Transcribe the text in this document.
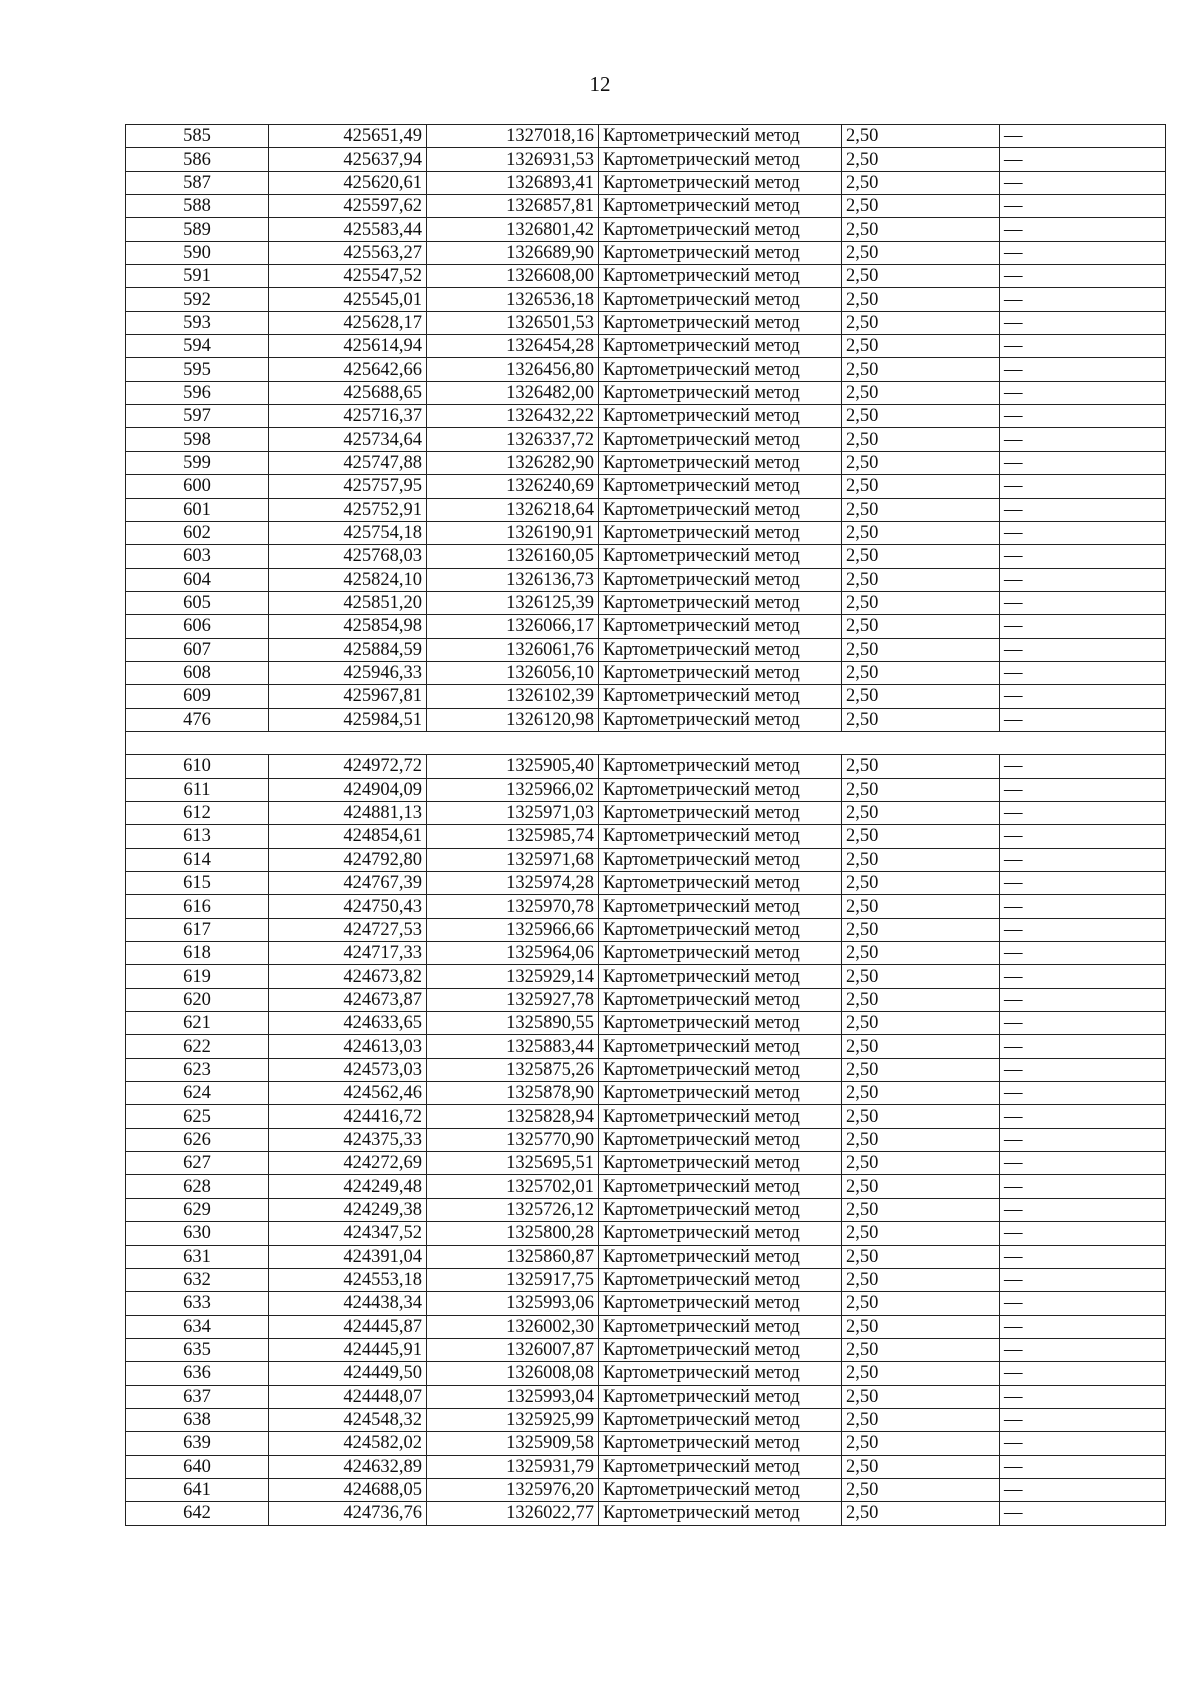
12
585	425651,49	1327018,16	Картометрический метод	2,50	—
586	425637,94	1326931,53	Картометрический метод	2,50	—
587	425620,61	1326893,41	Картометрический метод	2,50	—
588	425597,62	1326857,81	Картометрический метод	2,50	—
589	425583,44	1326801,42	Картометрический метод	2,50	—
590	425563,27	1326689,90	Картометрический метод	2,50	—
591	425547,52	1326608,00	Картометрический метод	2,50	—
592	425545,01	1326536,18	Картометрический метод	2,50	—
593	425628,17	1326501,53	Картометрический метод	2,50	—
594	425614,94	1326454,28	Картометрический метод	2,50	—
595	425642,66	1326456,80	Картометрический метод	2,50	—
596	425688,65	1326482,00	Картометрический метод	2,50	—
597	425716,37	1326432,22	Картометрический метод	2,50	—
598	425734,64	1326337,72	Картометрический метод	2,50	—
599	425747,88	1326282,90	Картометрический метод	2,50	—
600	425757,95	1326240,69	Картометрический метод	2,50	—
601	425752,91	1326218,64	Картометрический метод	2,50	—
602	425754,18	1326190,91	Картометрический метод	2,50	—
603	425768,03	1326160,05	Картометрический метод	2,50	—
604	425824,10	1326136,73	Картометрический метод	2,50	—
605	425851,20	1326125,39	Картометрический метод	2,50	—
606	425854,98	1326066,17	Картометрический метод	2,50	—
607	425884,59	1326061,76	Картометрический метод	2,50	—
608	425946,33	1326056,10	Картометрический метод	2,50	—
609	425967,81	1326102,39	Картометрический метод	2,50	—
476	425984,51	1326120,98	Картометрический метод	2,50	—

610	424972,72	1325905,40	Картометрический метод	2,50	—
611	424904,09	1325966,02	Картометрический метод	2,50	—
612	424881,13	1325971,03	Картометрический метод	2,50	—
613	424854,61	1325985,74	Картометрический метод	2,50	—
614	424792,80	1325971,68	Картометрический метод	2,50	—
615	424767,39	1325974,28	Картометрический метод	2,50	—
616	424750,43	1325970,78	Картометрический метод	2,50	—
617	424727,53	1325966,66	Картометрический метод	2,50	—
618	424717,33	1325964,06	Картометрический метод	2,50	—
619	424673,82	1325929,14	Картометрический метод	2,50	—
620	424673,87	1325927,78	Картометрический метод	2,50	—
621	424633,65	1325890,55	Картометрический метод	2,50	—
622	424613,03	1325883,44	Картометрический метод	2,50	—
623	424573,03	1325875,26	Картометрический метод	2,50	—
624	424562,46	1325878,90	Картометрический метод	2,50	—
625	424416,72	1325828,94	Картометрический метод	2,50	—
626	424375,33	1325770,90	Картометрический метод	2,50	—
627	424272,69	1325695,51	Картометрический метод	2,50	—
628	424249,48	1325702,01	Картометрический метод	2,50	—
629	424249,38	1325726,12	Картометрический метод	2,50	—
630	424347,52	1325800,28	Картометрический метод	2,50	—
631	424391,04	1325860,87	Картометрический метод	2,50	—
632	424553,18	1325917,75	Картометрический метод	2,50	—
633	424438,34	1325993,06	Картометрический метод	2,50	—
634	424445,87	1326002,30	Картометрический метод	2,50	—
635	424445,91	1326007,87	Картометрический метод	2,50	—
636	424449,50	1326008,08	Картометрический метод	2,50	—
637	424448,07	1325993,04	Картометрический метод	2,50	—
638	424548,32	1325925,99	Картометрический метод	2,50	—
639	424582,02	1325909,58	Картометрический метод	2,50	—
640	424632,89	1325931,79	Картометрический метод	2,50	—
641	424688,05	1325976,20	Картометрический метод	2,50	—
642	424736,76	1326022,77	Картометрический метод	2,50	—
